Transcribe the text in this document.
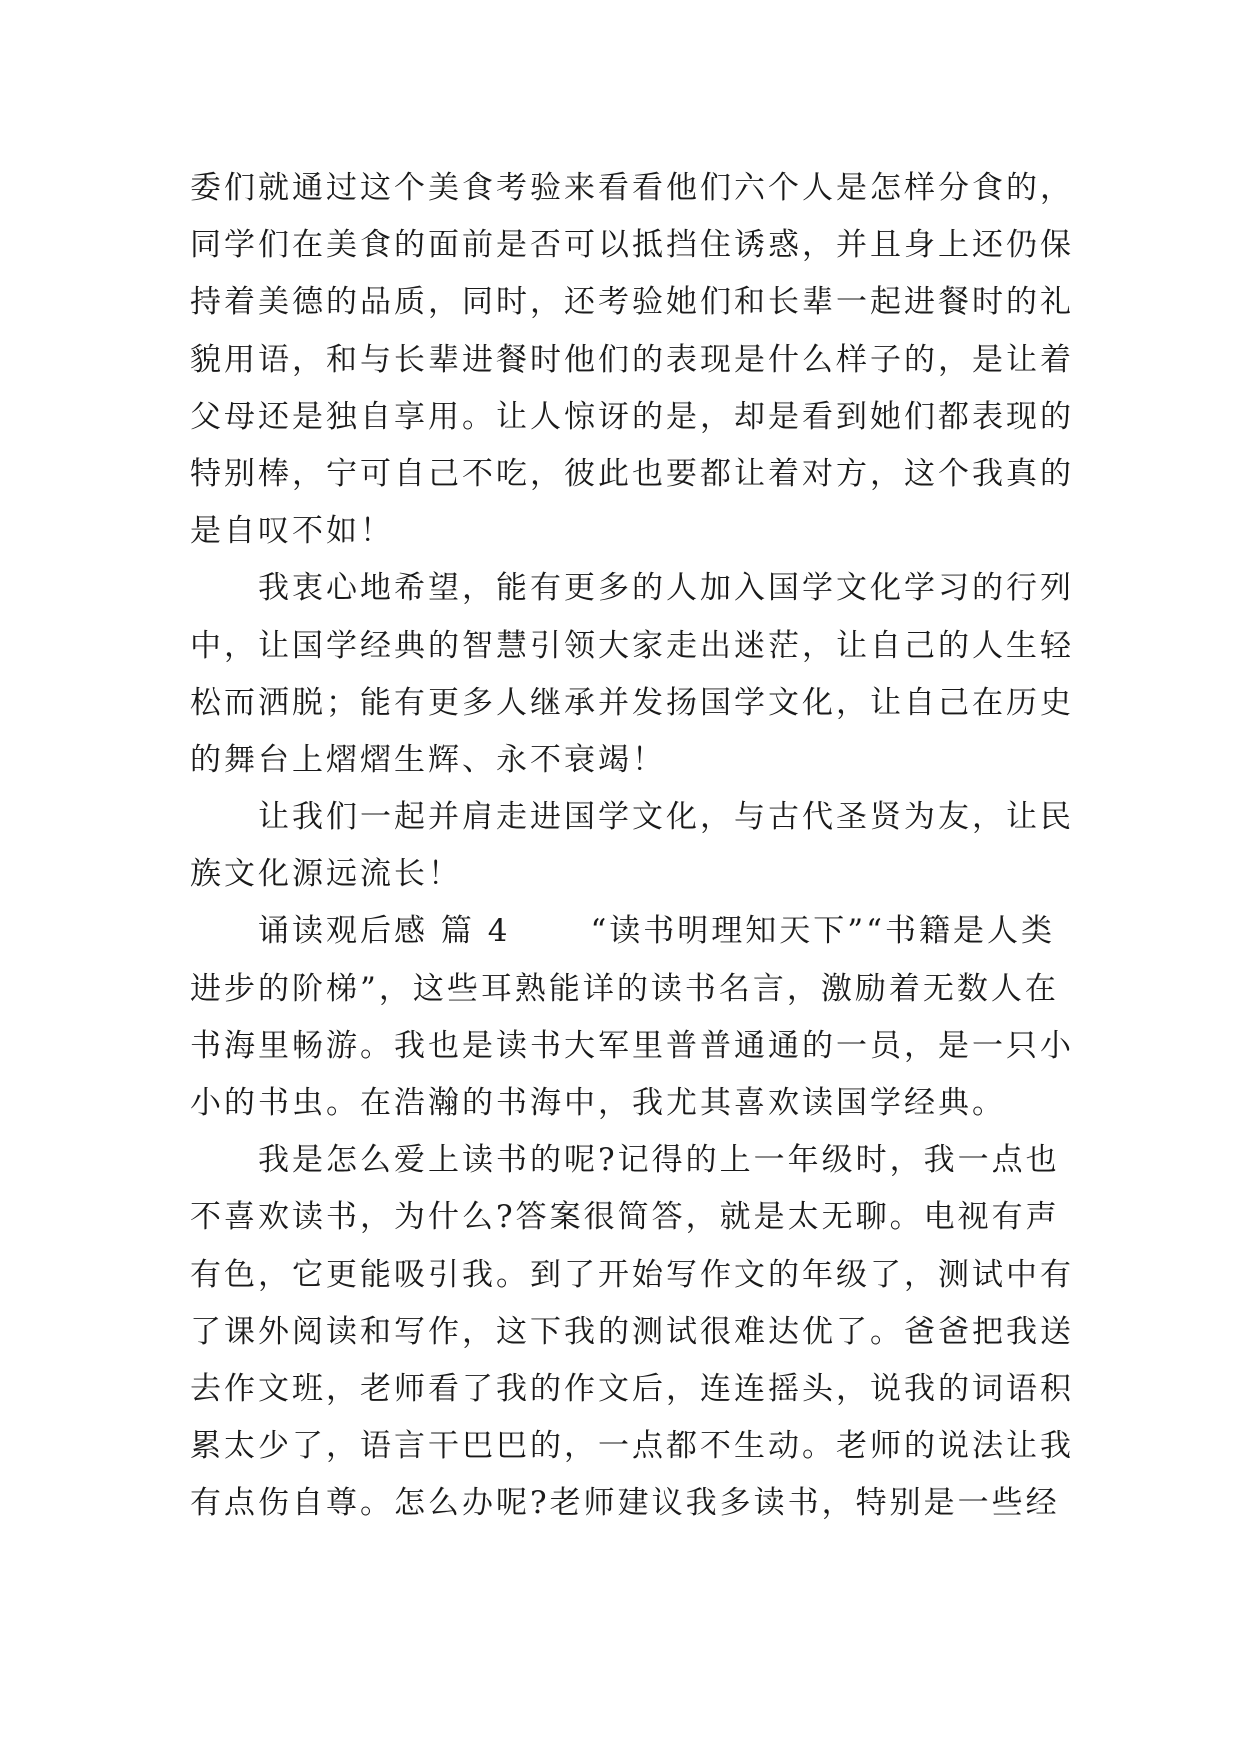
委们就通过这个美食考验来看看他们六个人是怎样分食的，
同学们在美食的面前是否可以抵挡住诱惑，并且身上还仍保
持着美德的品质，同时，还考验她们和长辈一起进餐时的礼
貌用语，和与长辈进餐时他们的表现是什么样子的，是让着
父母还是独自享用。让人惊讶的是，却是看到她们都表现的
特别棒，宁可自己不吃，彼此也要都让着对方，这个我真的
是自叹不如！
我衷心地希望，能有更多的人加入国学文化学习的行列
中，让国学经典的智慧引领大家走出迷茫，让自己的人生轻
松而洒脱；能有更多人继承并发扬国学文化，让自己在历史
的舞台上熠熠生辉、永不衰竭！
让我们一起并肩走进国学文化，与古代圣贤为友，让民
族文化源远流长！
诵读观后感 篇 4	“读书明理知天下”“书籍是人类
进步的阶梯”，这些耳熟能详的读书名言，激励着无数人在
书海里畅游。我也是读书大军里普普通通的一员，是一只小
小的书虫。在浩瀚的书海中，我尤其喜欢读国学经典。
我是怎么爱上读书的呢?记得的上一年级时，我一点也
不喜欢读书，为什么?答案很简答，就是太无聊。电视有声
有色，它更能吸引我。到了开始写作文的年级了，测试中有
了课外阅读和写作，这下我的测试很难达优了。爸爸把我送
去作文班，老师看了我的作文后，连连摇头，说我的词语积
累太少了，语言干巴巴的，一点都不生动。老师的说法让我
有点伤自尊。怎么办呢?老师建议我多读书，特别是一些经
